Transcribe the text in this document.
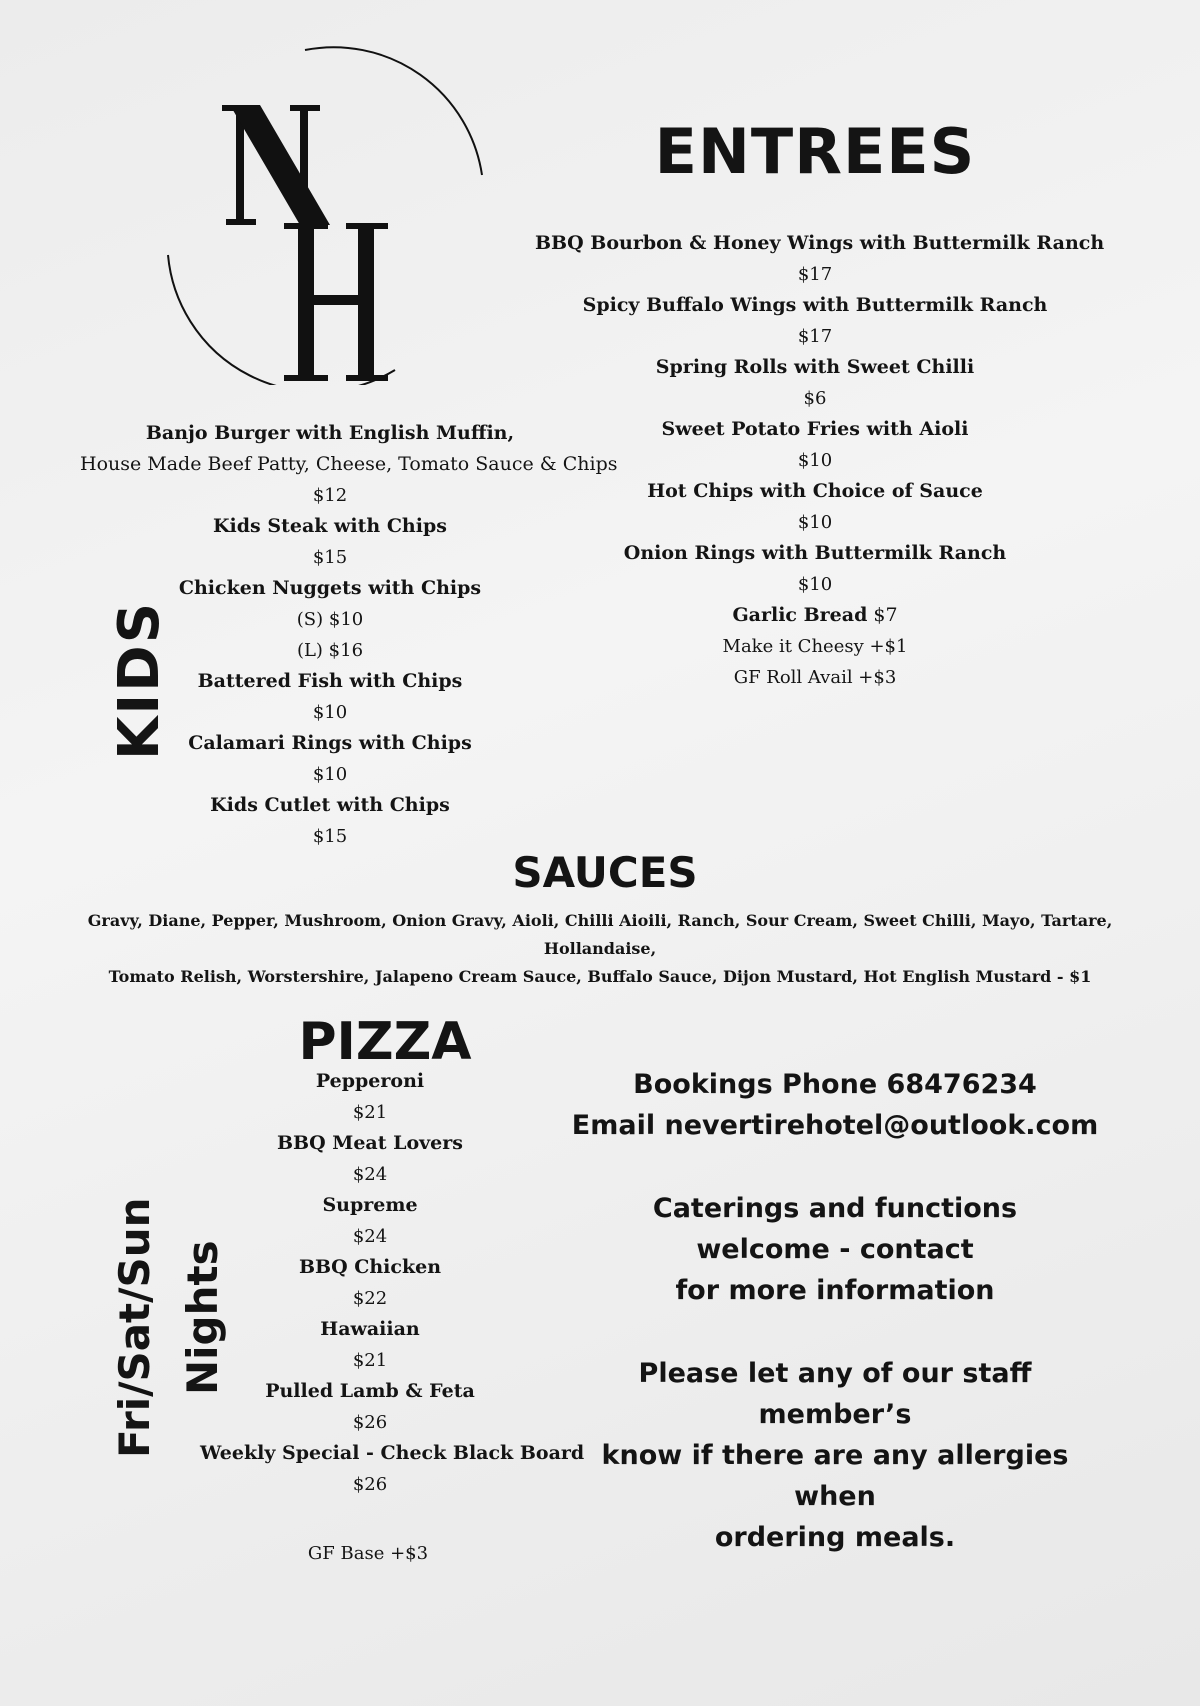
ENTREES
BBQ Bourbon & Honey Wings with Buttermilk Ranch
$17
Spicy Buffalo Wings with Buttermilk Ranch
$17
Spring Rolls with Sweet Chilli
$6
Sweet Potato Fries with Aioli
$10
Hot Chips with Choice of Sauce
$10
Onion Rings with Buttermilk Ranch
$10
Garlic Bread $7
Make it Cheesy +$1
GF Roll Avail +$3
KIDS
Banjo Burger with English Muffin,
House Made Beef Patty, Cheese, Tomato Sauce & Chips
$12
Kids Steak with Chips
$15
Chicken Nuggets with Chips
(S) $10
(L) $16
Battered Fish with Chips
$10
Calamari Rings with Chips
$10
Kids Cutlet with Chips
$15
SAUCES
Gravy, Diane, Pepper, Mushroom, Onion Gravy, Aioli, Chilli Aioili, Ranch, Sour Cream, Sweet Chilli, Mayo, Tartare,
Hollandaise,
Tomato Relish, Worstershire, Jalapeno Cream Sauce, Buffalo Sauce, Dijon Mustard, Hot English Mustard - $1
PIZZA
Fri/Sat/Sun Nights
Pepperoni
$21
BBQ Meat Lovers
$24
Supreme
$24
BBQ Chicken
$22
Hawaiian
$21
Pulled Lamb & Feta
$26
Weekly Special - Check Black Board
$26
GF Base +$3
Bookings Phone 68476234
Email nevertirehotel@outlook.com
Caterings and functions
welcome - contact
for more information
Please let any of our staff member’s
know if there are any allergies when
ordering meals.
